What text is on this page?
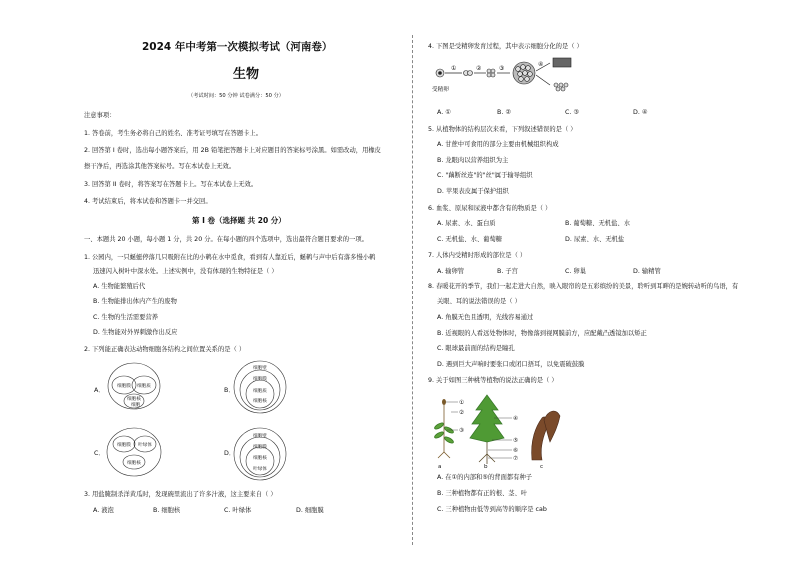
2024 年中考第一次模拟考试（河南卷）
生物
（考试时间：50 分钟 试卷满分：50 分）
注意事项：
1. 答卷前，考生务必将自己的姓名、准考证号填写在答题卡上。
2. 回答第 I 卷时，选出每小题答案后，用 2B 铅笔把答题卡上对应题目的答案标号涂黑。如需改动，用橡皮
擦干净后，再选涂其他答案标号。写在本试卷上无效。
3. 回答第 II 卷时，将答案写在答题卡上。写在本试卷上无效。
4. 考试结束后，将本试卷和答题卡一并交回。
第 I 卷（选择题 共 20 分）
一、本题共 20 小题，每小题 1 分，共 20 分。在每小题的四个选项中，选出最符合题目要求的一项。
1. 公园内，一只蜒蜓停落几只吸附在比的小鹌在水中觅食，看到有人靠近后，蜒鹌与声中后有落多慢小鹌
迅速闪入树叶中深水处。上述实例中，没有体现的生物特征是（ ）
A. 生物能繁殖后代
B. 生物能排出体内产生的废物
C. 生物的生活需要营养
D. 生物能对外界刺激作出反应
2. 下列能正确表达动物细胞各结构之间位置关系的是（ ）
A．	B．
C．	D．
细胞膜 细胞质
细胞核
细胞
细胞壁
细胞膜
细胞质
细胞核
细胞膜 叶绿体
细胞核
细胞壁
细胞膜
细胞核
叶绿体
3. 用盐腌制杀洋黄瓜时，发现碗里流出了许多汁液，这主要来自（ ）
A. 液泡	B. 细胞核	C. 叶绿体	D. 细胞膜
4. 下图是受精卵发育过程，其中表示细胞分化的是（ ）
①	②	③
④
受精卵
A. ①	B. ②	C. ③	D. ④
5. 从植物体的结构层次来看，下列叙述错误的是（ ）
A. 甘蔗中可食用的部分主要由机械组织构成
B. 龙眼肉以营养组织为主
C. "藕断丝连"的"丝"属于输导组织
D. 苹果表皮属于保护组织
6. 血浆、原尿和尿液中都含有的物质是（ ）
A. 尿素、水、蛋白质	B. 葡萄糖、无机盐、水
C. 无机盐、水、葡萄糖	D. 尿素、水、无机盐
7. 人体内受精时形成的部位是（ ）
A. 输卵管	B. 子宫	C. 卵巢	D. 输精管
8. 春暖花开的季节，我们一起走进大自然，映入眼帘的是五彩缤纷的美景，聆听到耳畔的是婉转动听的鸟语，有
关眼、耳的说法错误的是（ ）
A. 角膜无色且透明，光线容易通过
B. 近视眼的人看远处物体时，物像落到视网膜前方，应配戴凸透镜加以矫正
C. 眼球最前面的结构是瞳孔
D. 遇到巨大声响时要张口或闭口捂耳，以免震破鼓膜
9. 关于如图三种桃等植物的说法正确的是（ ）
①
②
③
④
⑤
⑥
⑦
a	b	c
A. 在①的内部和⑤的背面都有种子
B. 三种植物都有正的根、茎、叶
C. 三种植物由低等到高等的顺序是 cab
